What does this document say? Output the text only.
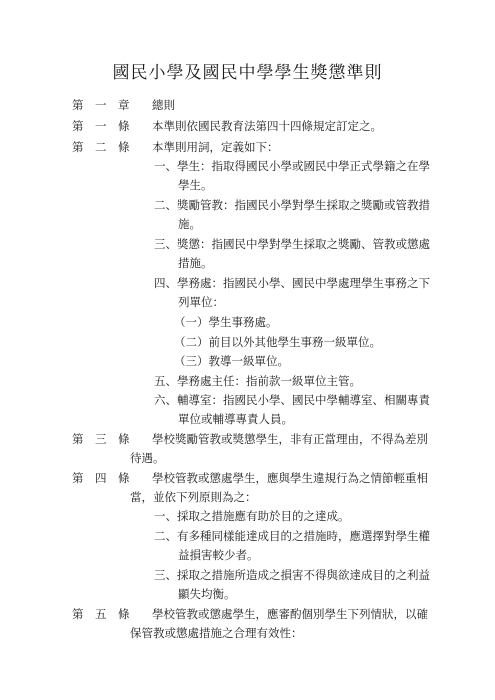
國民小學及國民中學學生獎懲準則
第　一　章 總則
第　一　條 本準則依國民教育法第四十四條規定訂定之。
第　二　條 本準則用詞，定義如下：
一、學生：指取得國民小學或國民中學正式學籍之在學
學生。
二、獎勵管教：指國民小學對學生採取之獎勵或管教措
施。
三、獎懲：指國民中學對學生採取之獎勵、管教或懲處
措施。
四、學務處：指國民小學、國民中學處理學生事務之下
列單位：
（一）學生事務處。
（二）前目以外其他學生事務一級單位。
（三）教導一級單位。
五、學務處主任：指前款一級單位主管。
六、輔導室：指國民小學、國民中學輔導室、相關專責
單位或輔導專責人員。
第　三　條 學校獎勵管教或獎懲學生，非有正當理由，不得為差別
待遇。
第　四　條 學校管教或懲處學生，應與學生違規行為之情節輕重相
當，並依下列原則為之：
一、採取之措施應有助於目的之達成。
二、有多種同樣能達成目的之措施時，應選擇對學生權
益損害較少者。
三、採取之措施所造成之損害不得與欲達成目的之利益
顯失均衡。
第　五　條 學校管教或懲處學生，應審酌個別學生下列情狀，以確
保管教或懲處措施之合理有效性：
